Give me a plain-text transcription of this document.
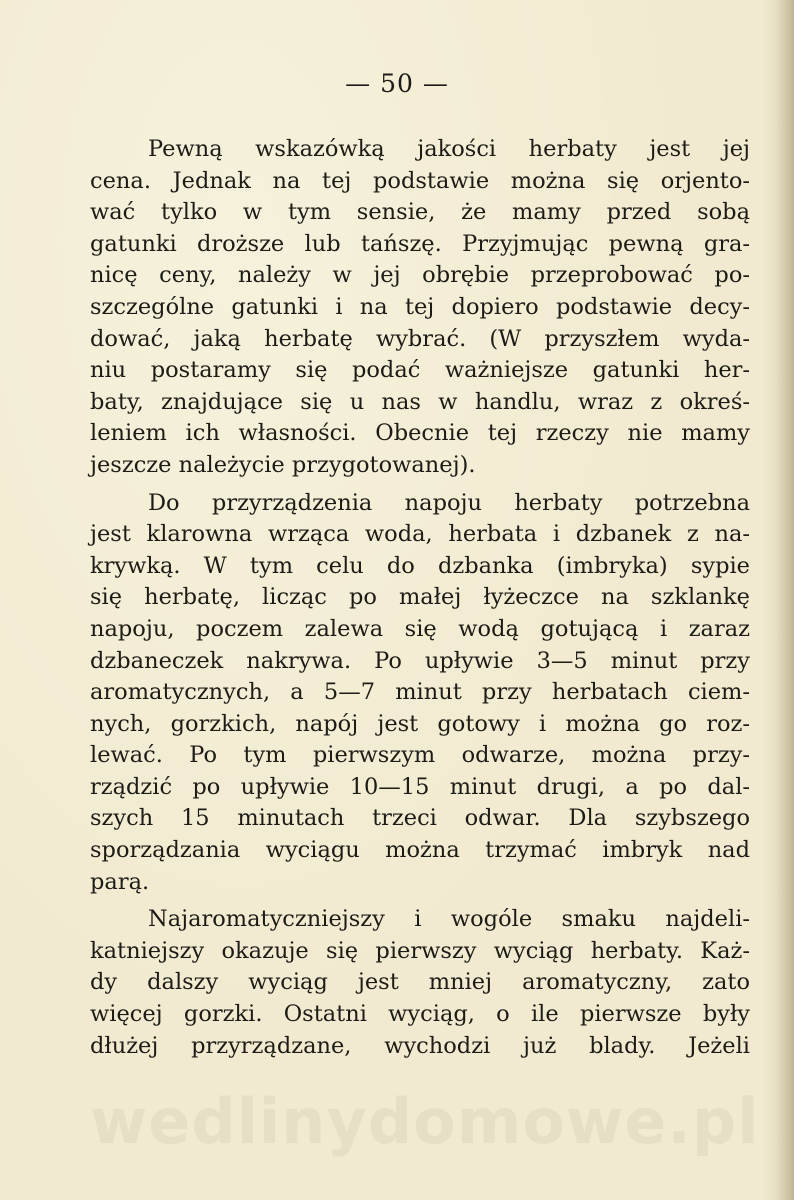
— 50 —
Pewną wskazówką jakości herbaty jest jej
cena. Jednak na tej podstawie można się orjento-
wać tylko w tym sensie, że mamy przed sobą
gatunki droższe lub tańszę. Przyjmując pewną gra-
nicę ceny, należy w jej obrębie przeprobować po-
szczególne gatunki i na tej dopiero podstawie decy-
dować, jaką herbatę wybrać. (W przyszłem wyda-
niu postaramy się podać ważniejsze gatunki her-
baty, znajdujące się u nas w handlu, wraz z okreś-
leniem ich własności. Obecnie tej rzeczy nie mamy
jeszcze należycie przygotowanej).
Do przyrządzenia napoju herbaty potrzebna
jest klarowna wrząca woda, herbata i dzbanek z na-
krywką. W tym celu do dzbanka (imbryka) sypie
się herbatę, licząc po małej łyżeczce na szklankę
napoju, poczem zalewa się wodą gotującą i zaraz
dzbaneczek nakrywa. Po upływie 3—5 minut przy
aromatycznych, a 5—7 minut przy herbatach ciem-
nych, gorzkich, napój jest gotowy i można go roz-
lewać. Po tym pierwszym odwarze, można przy-
rządzić po upływie 10—15 minut drugi, a po dal-
szych 15 minutach trzeci odwar. Dla szybszego
sporządzania wyciągu można trzymać imbryk nad
parą.
Najaromatyczniejszy i wogóle smaku najdeli-
katniejszy okazuje się pierwszy wyciąg herbaty. Każ-
dy dalszy wyciąg jest mniej aromatyczny, zato
więcej gorzki. Ostatni wyciąg, o ile pierwsze były
dłużej przyrządzane, wychodzi już blady. Jeżeli
wedlinydomowe.pl
